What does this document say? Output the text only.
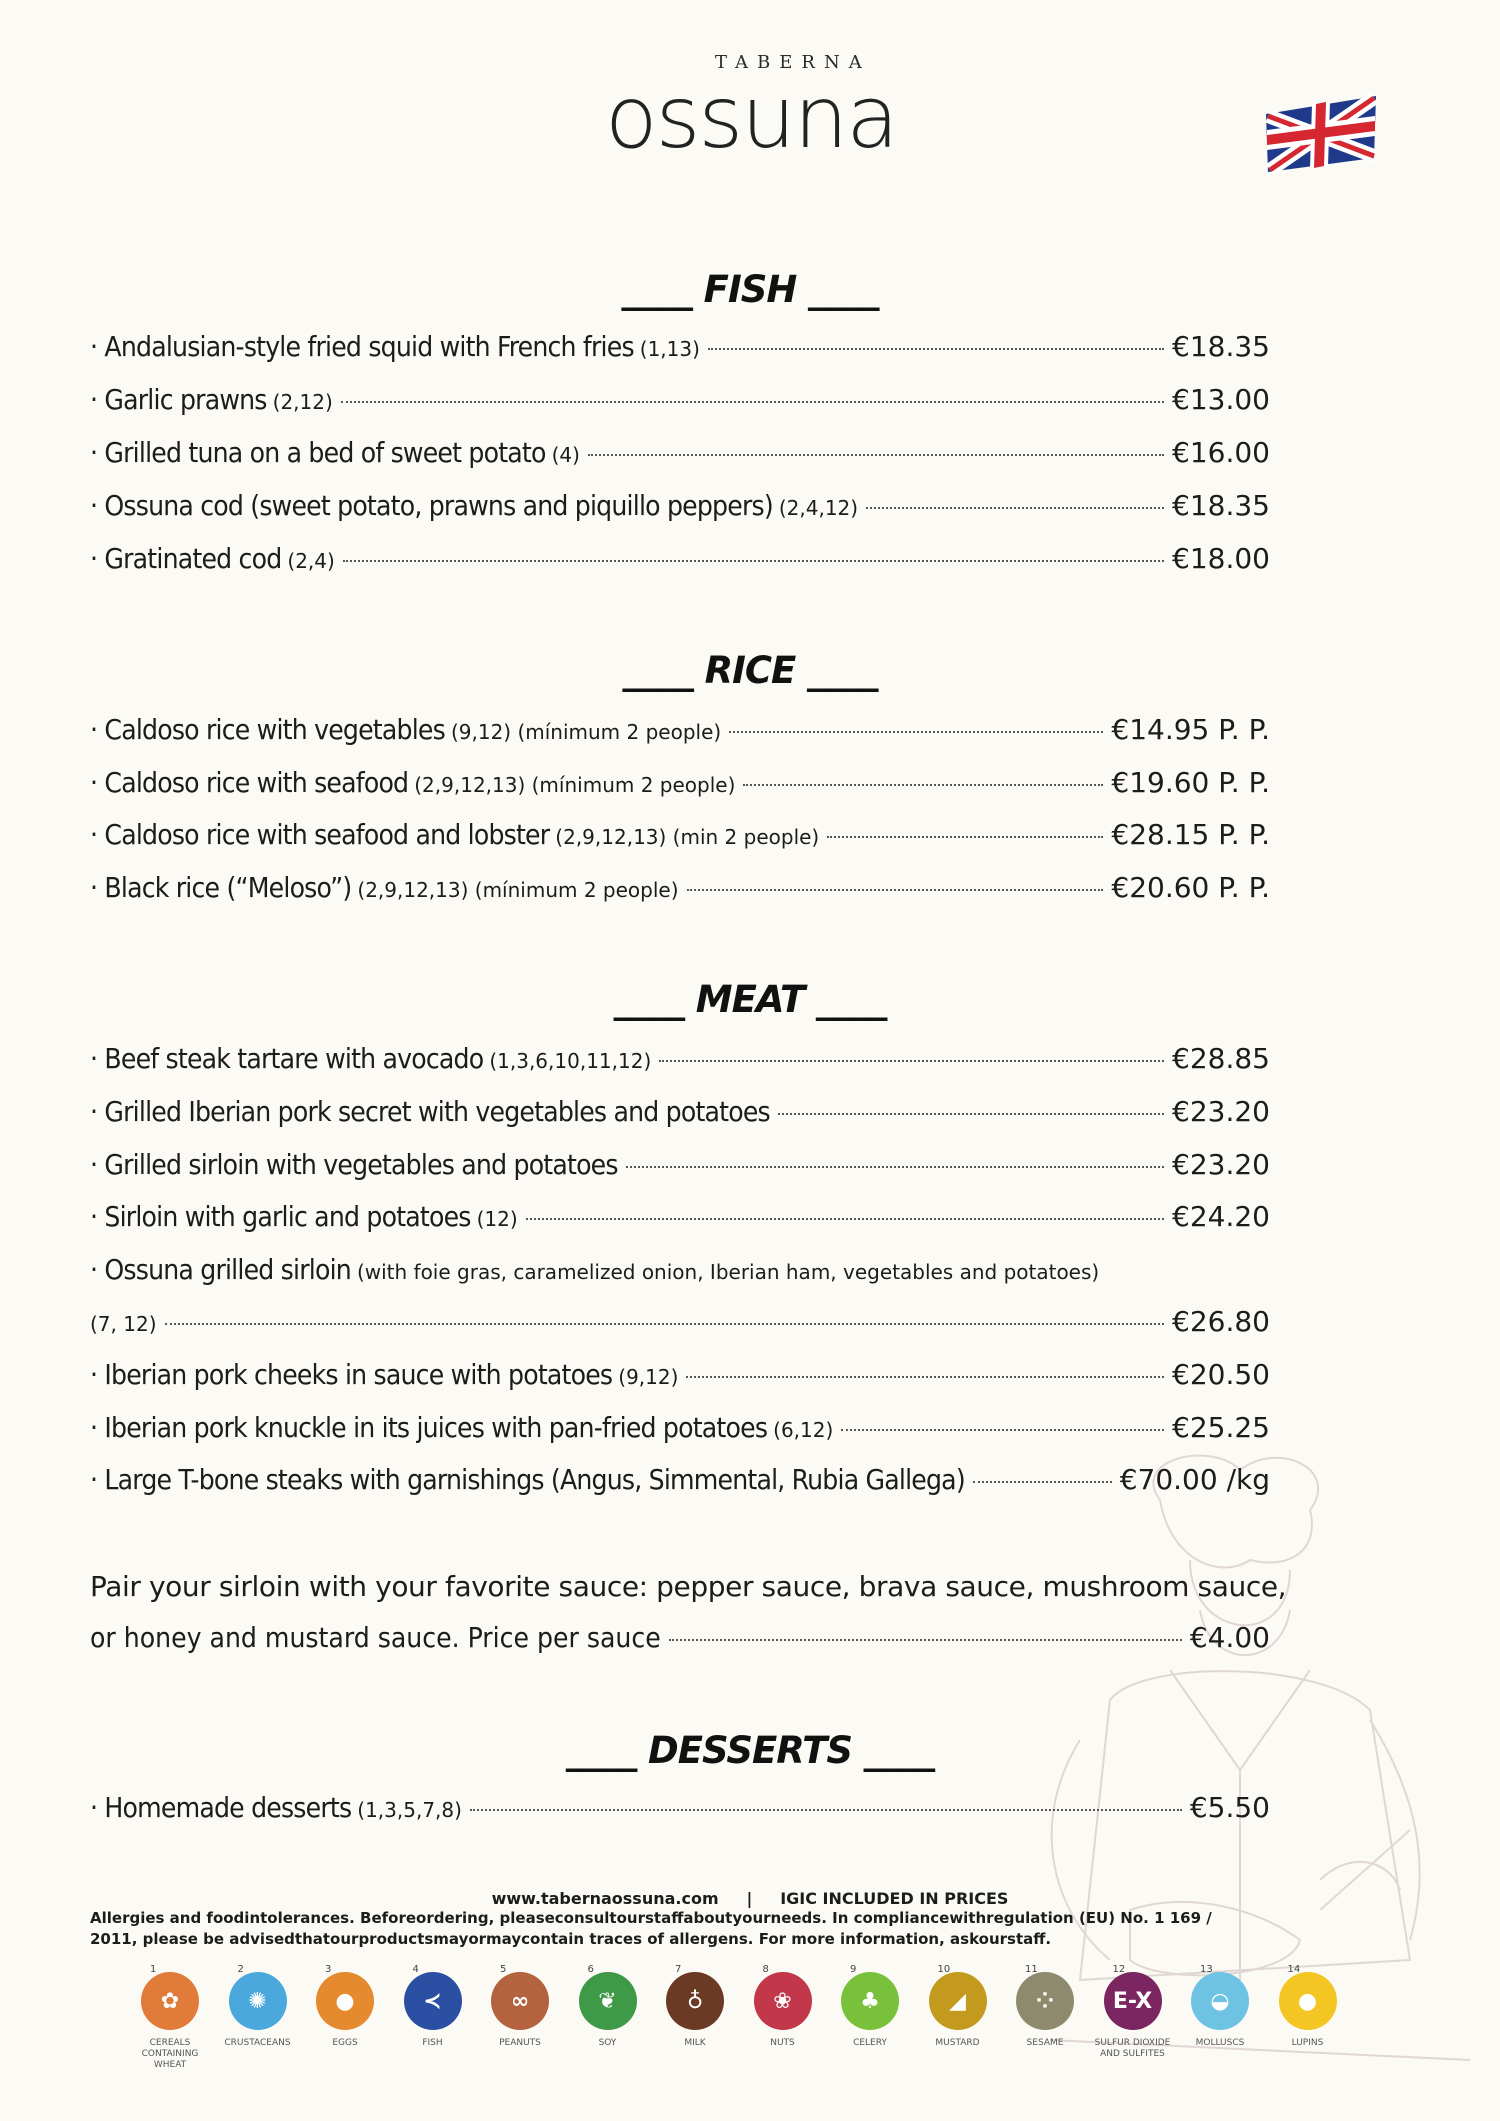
TABERNA
ossuna
____ FISH ____
· Andalusian-style fried squid with French fries (1,13)	€18.35
· Garlic prawns (2,12)	€13.00
· Grilled tuna on a bed of sweet potato (4)	€16.00
· Ossuna cod (sweet potato, prawns and piquillo peppers) (2,4,12)	€18.35
· Gratinated cod (2,4)	€18.00
____ RICE ____
· Caldoso rice with vegetables (9,12) (mínimum 2 people)	€14.95 P. P.
· Caldoso rice with seafood (2,9,12,13) (mínimum 2 people)	€19.60 P. P.
· Caldoso rice with seafood and lobster (2,9,12,13) (min 2 people)	€28.15 P. P.
· Black rice (“Meloso”) (2,9,12,13) (mínimum 2 people)	€20.60 P. P.
____ MEAT ____
· Beef steak tartare with avocado (1,3,6,10,11,12)	€28.85
· Grilled Iberian pork secret with vegetables and potatoes	€23.20
· Grilled sirloin with vegetables and potatoes	€23.20
· Sirloin with garlic and potatoes (12)	€24.20
· Ossuna grilled sirloin (with foie gras, caramelized onion, Iberian ham, vegetables and potatoes)
(7, 12)	€26.80
· Iberian pork cheeks in sauce with potatoes (9,12)	€20.50
· Iberian pork knuckle in its juices with pan-fried potatoes (6,12)	€25.25
· Large T-bone steaks with garnishings (Angus, Simmental, Rubia Gallega)	€70.00 /kg
Pair your sirloin with your favorite sauce: pepper sauce, brava sauce, mushroom sauce,
or honey and mustard sauce. Price per sauce	€4.00
____ DESSERTS ____
· Homemade desserts (1,3,5,7,8)	€5.50
www.tabernaossuna.com | IGIC INCLUDED IN PRICES
Allergies and foodintolerances. Beforeordering, pleaseconsultourstaffaboutyourneeds. In compliancewithregulation (EU) No. 1 169 / 2011, please be advisedthatourproductsmayormaycontain traces of allergens. For more information, askourstaff.
1
✿
CEREALS CONTAINING WHEAT
2
✺
CRUSTACEANS
3
●
EGGS
4
≺
FISH
5
∞
PEANUTS
6
❦
SOY
7
♁
MILK
8
❀
NUTS
9
♣
CELERY
10
◢
MUSTARD
11
⁘
SESAME
12
E-X
SULFUR DIOXIDE AND SULFITES
13
◒
MOLLUSCS
14
●
LUPINS
